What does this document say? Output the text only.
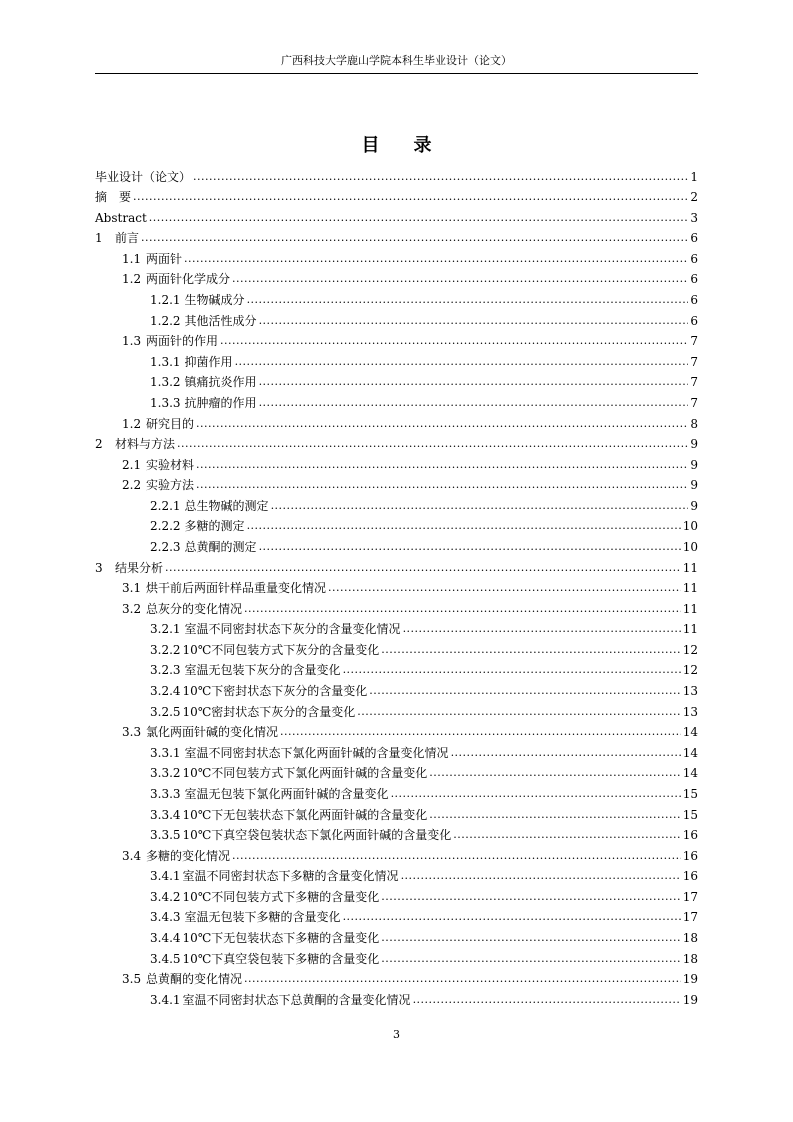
广西科技大学鹿山学院本科生毕业设计（论文）
目录
毕业设计（论文） .....	1
摘　要 .....	2
Abstract .....	3
1	前言 .....	6
1.1 两面针 .....	6
1.2 两面针化学成分 .....	6
1.2.1 生物碱成分 .....	6
1.2.2 其他活性成分 .....	6
1.3 两面针的作用 .....	7
1.3.1 抑菌作用 .....	7
1.3.2 镇痛抗炎作用 .....	7
1.3.3 抗肿瘤的作用 .....	7
1.2 研究目的 .....	8
2	材料与方法 .....	9
2.1 实验材料 .....	9
2.2 实验方法 .....	9
2.2.1 总生物碱的测定 .....	9
2.2.2 多糖的测定 .....	10
2.2.3 总黄酮的测定 .....	10
3	结果分析 .....	11
3.1 烘干前后两面针样品重量变化情况 .....	11
3.2 总灰分的变化情况 .....	11
3.2.1 室温不同密封状态下灰分的含量变化情况 .....	11
3.2.2 10℃不同包装方式下灰分的含量变化 .....	12
3.2.3 室温无包装下灰分的含量变化 .....	12
3.2.4 10℃下密封状态下灰分的含量变化 .....	13
3.2.5 10℃密封状态下灰分的含量变化 .....	13
3.3 氯化两面针碱的变化情况 .....	14
3.3.1 室温不同密封状态下氯化两面针碱的含量变化情况 .....	14
3.3.2 10℃不同包装方式下氯化两面针碱的含量变化 .....	14
3.3.3 室温无包装下氯化两面针碱的含量变化 .....	15
3.3.4 10℃下无包装状态下氯化两面针碱的含量变化 .....	15
3.3.5 10℃下真空袋包装状态下氯化两面针碱的含量变化 .....	16
3.4 多糖的变化情况 .....	16
3.4.1 室温不同密封状态下多糖的含量变化情况 .....	16
3.4.2 10℃不同包装方式下多糖的含量变化 .....	17
3.4.3 室温无包装下多糖的含量变化 .....	17
3.4.4 10℃下无包装状态下多糖的含量变化 .....	18
3.4.5 10℃下真空袋包装下多糖的含量变化 .....	18
3.5 总黄酮的变化情况 .....	19
3.4.1 室温不同密封状态下总黄酮的含量变化情况 .....	19
3
